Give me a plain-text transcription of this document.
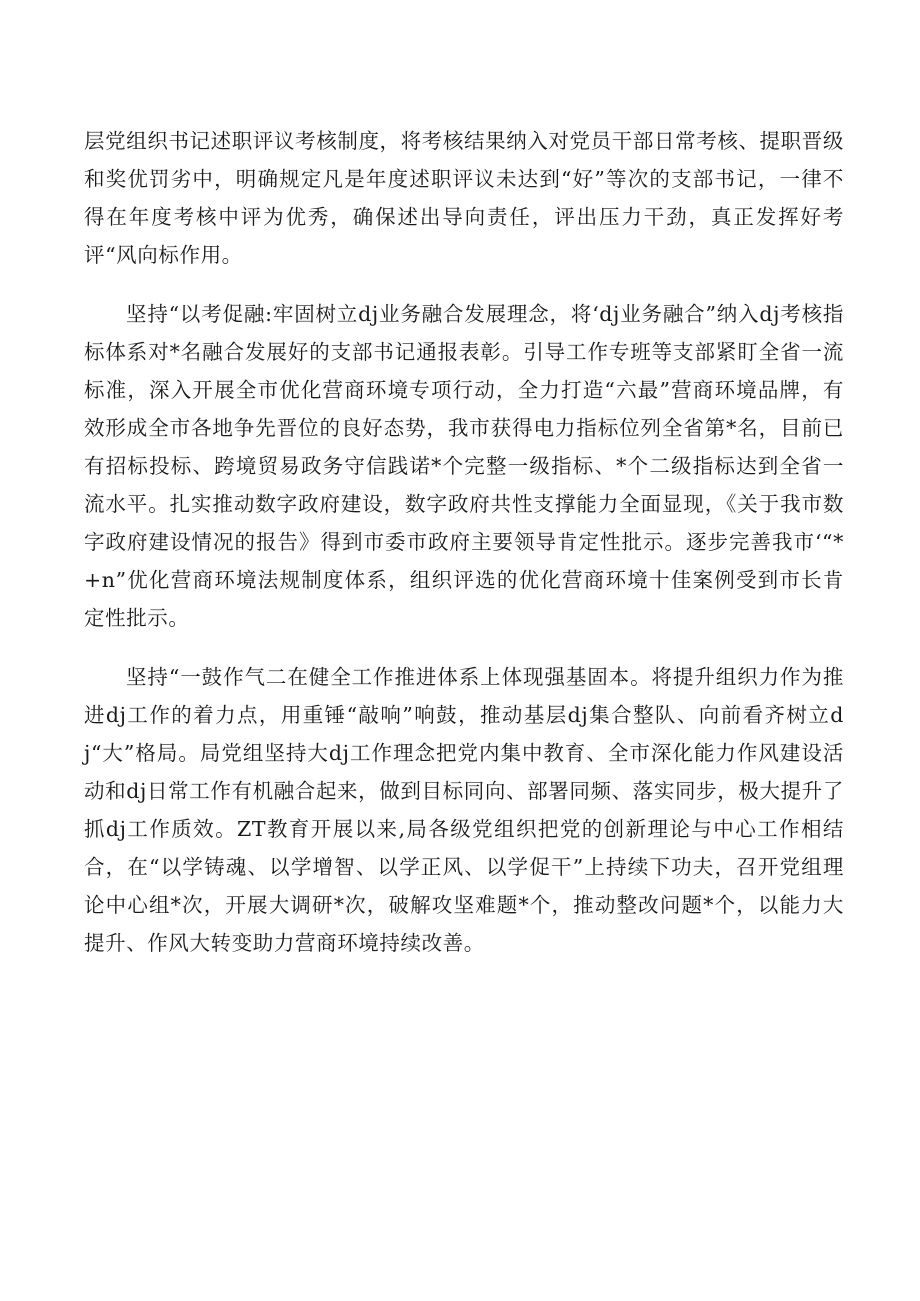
层党组织书记述职评议考核制度，将考核结果纳入对党员干部日常考核、提职晋级和奖优罚劣中，明确规定凡是年度述职评议未达到“好”等次的支部书记，一律不得在年度考核中评为优秀，确保述出导向责任，评出压力干劲，真正发挥好考评“风向标作用。

坚持“以考促融:牢固树立dj业务融合发展理念，将‘dj业务融合”纳入dj考核指标体系对*名融合发展好的支部书记通报表彰。引导工作专班等支部紧盯全省一流标准，深入开展全市优化营商环境专项行动，全力打造“六最”营商环境品牌，有效形成全市各地争先晋位的良好态势，我市获得电力指标位列全省第*名，目前已有招标投标、跨境贸易政务守信践诺*个完整一级指标、*个二级指标达到全省一流水平。扎实推动数字政府建设，数字政府共性支撑能力全面显现，《关于我市数字政府建设情况的报告》得到市委市政府主要领导肯定性批示。逐步完善我市‘“*+n”优化营商环境法规制度体系，组织评选的优化营商环境十佳案例受到市长肯定性批示。

坚持“一鼓作气二在健全工作推进体系上体现强基固本。将提升组织力作为推进dj工作的着力点，用重锤“敲响”响鼓，推动基层dj集合整队、向前看齐树立dj“大”格局。局党组坚持大dj工作理念把党内集中教育、全市深化能力作风建设活动和dj日常工作有机融合起来，做到目标同向、部署同频、落实同步，极大提升了抓dj工作质效。ZT教育开展以来,局各级党组织把党的创新理论与中心工作相结合，在“以学铸魂、以学增智、以学正风、以学促干”上持续下功夫，召开党组理论中心组*次，开展大调研*次，破解攻坚难题*个，推动整改问题*个，以能力大提升、作风大转变助力营商环境持续改善。
